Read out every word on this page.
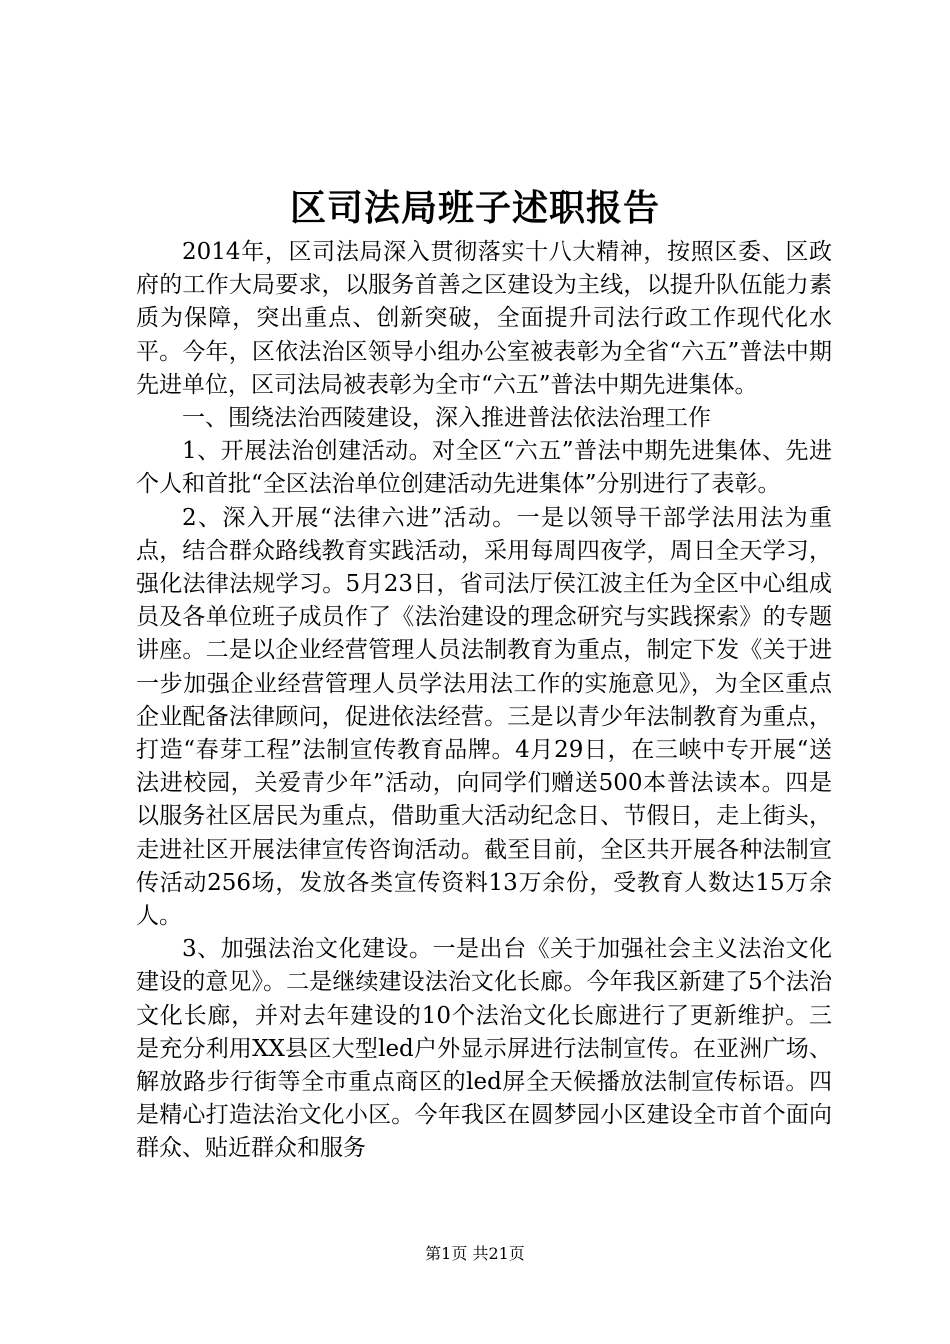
区司法局班子述职报告

2014年，区司法局深入贯彻落实十八大精神，按照区委、区政府的工作大局要求，以服务首善之区建设为主线，以提升队伍能力素质为保障，突出重点、创新突破，全面提升司法行政工作现代化水平。今年，区依法治区领导小组办公室被表彰为全省“六五”普法中期先进单位，区司法局被表彰为全市“六五”普法中期先进集体。

一、围绕法治西陵建设，深入推进普法依法治理工作

1、开展法治创建活动。对全区“六五”普法中期先进集体、先进个人和首批“全区法治单位创建活动先进集体”分别进行了表彰。

2、深入开展“法律六进”活动。一是以领导干部学法用法为重点，结合群众路线教育实践活动，采用每周四夜学，周日全天学习，强化法律法规学习。5月23日，省司法厅侯江波主任为全区中心组成员及各单位班子成员作了《法治建设的理念研究与实践探索》的专题讲座。二是以企业经营管理人员法制教育为重点，制定下发《关于进一步加强企业经营管理人员学法用法工作的实施意见》，为全区重点企业配备法律顾问，促进依法经营。三是以青少年法制教育为重点，打造“春芽工程”法制宣传教育品牌。4月29日，在三峡中专开展“送法进校园，关爱青少年”活动，向同学们赠送500本普法读本。四是以服务社区居民为重点，借助重大活动纪念日、节假日，走上街头，走进社区开展法律宣传咨询活动。截至目前，全区共开展各种法制宣传活动256场，发放各类宣传资料13万余份，受教育人数达15万余人。

3、加强法治文化建设。一是出台《关于加强社会主义法治文化建设的意见》。二是继续建设法治文化长廊。今年我区新建了5个法治文化长廊，并对去年建设的10个法治文化长廊进行了更新维护。三是充分利用XX县区大型led户外显示屏进行法制宣传。在亚洲广场、解放路步行街等全市重点商区的led屏全天候播放法制宣传标语。四是精心打造法治文化小区。今年我区在圆梦园小区建设全市首个面向群众、贴近群众和服务

第1页 共21页
